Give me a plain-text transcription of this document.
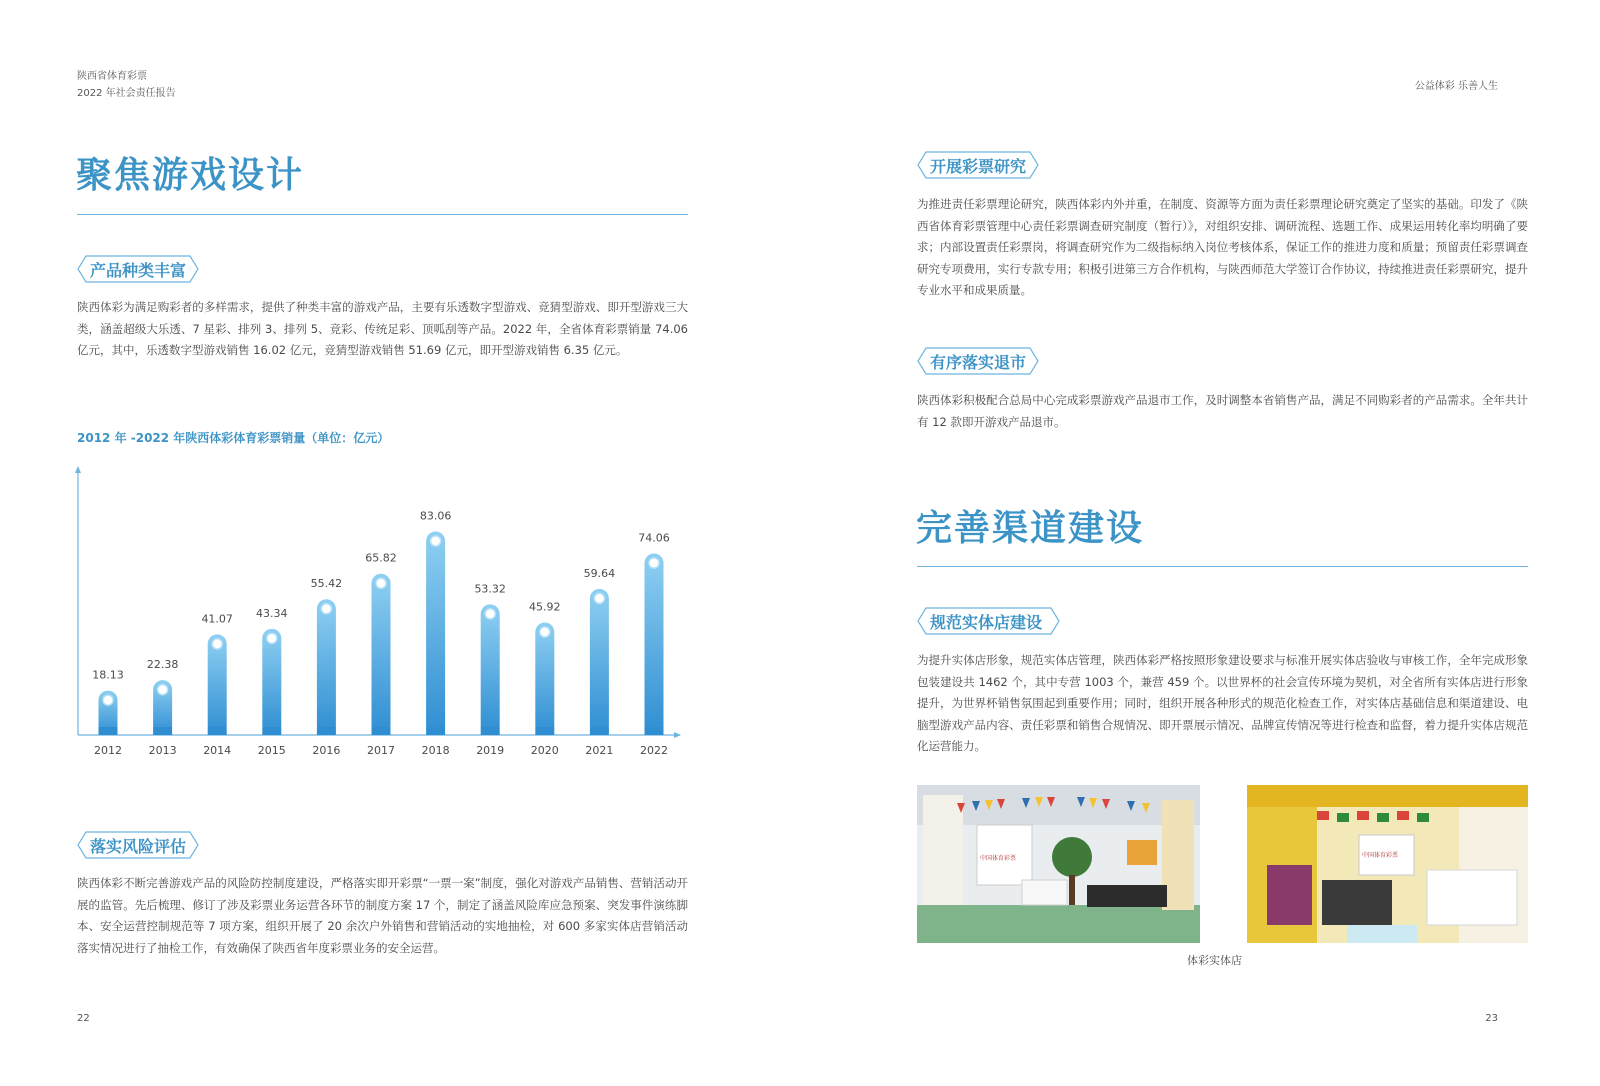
陕西省体育彩票
2022 年社会责任报告
聚焦游戏设计
产品种类丰富
陕西体彩为满足购彩者的多样需求，提供了种类丰富的游戏产品，主要有乐透数字型游戏、竞猜型游戏、即开型游戏三大类，涵盖超级大乐透、7 星彩、排列 3、排列 5、竞彩、传统足彩、顶呱刮等产品。2022 年，全省体育彩票销量 74.06 亿元，其中，乐透数字型游戏销售 16.02 亿元，竞猜型游戏销售 51.69 亿元，即开型游戏销售 6.35 亿元。
2012 年 -2022 年陕西体彩体育彩票销量（单位：亿元）
18.13
2012
22.38
2013
41.07
2014
43.34
2015
55.42
2016
65.82
2017
83.06
2018
53.32
2019
45.92
2020
59.64
2021
74.06
2022
落实风险评估
陕西体彩不断完善游戏产品的风险防控制度建设，严格落实即开彩票“一票一案”制度，强化对游戏产品销售、营销活动开展的监管。先后梳理、修订了涉及彩票业务运营各环节的制度方案 17 个，制定了涵盖风险库应急预案、突发事件演练脚本、安全运营控制规范等 7 项方案，组织开展了 20 余次户外销售和营销活动的实地抽检，对 600 多家实体店营销活动落实情况进行了抽检工作，有效确保了陕西省年度彩票业务的安全运营。
22
公益体彩 乐善人生
开展彩票研究
为推进责任彩票理论研究，陕西体彩内外并重，在制度、资源等方面为责任彩票理论研究奠定了坚实的基础。印发了《陕西省体育彩票管理中心责任彩票调查研究制度（暂行）》，对组织安排、调研流程、选题工作、成果运用转化率均明确了要求；内部设置责任彩票岗，将调查研究作为二级指标纳入岗位考核体系，保证工作的推进力度和质量；预留责任彩票调查研究专项费用，实行专款专用；积极引进第三方合作机构，与陕西师范大学签订合作协议，持续推进责任彩票研究，提升专业水平和成果质量。
有序落实退市
陕西体彩积极配合总局中心完成彩票游戏产品退市工作，及时调整本省销售产品，满足不同购彩者的产品需求。全年共计有 12 款即开游戏产品退市。
完善渠道建设
规范实体店建设
为提升实体店形象，规范实体店管理，陕西体彩严格按照形象建设要求与标准开展实体店验收与审核工作，全年完成形象包装建设共 1462 个，其中专营 1003 个，兼营 459 个。以世界杯的社会宣传环境为契机，对全省所有实体店进行形象提升，为世界杯销售氛围起到重要作用；同时，组织开展各种形式的规范化检查工作，对实体店基础信息和渠道建设、电脑型游戏产品内容、责任彩票和销售合规情况、即开票展示情况、品牌宣传情况等进行检查和监督，着力提升实体店规范化运营能力。
中国体育彩票	中国体育彩票
体彩实体店
23
